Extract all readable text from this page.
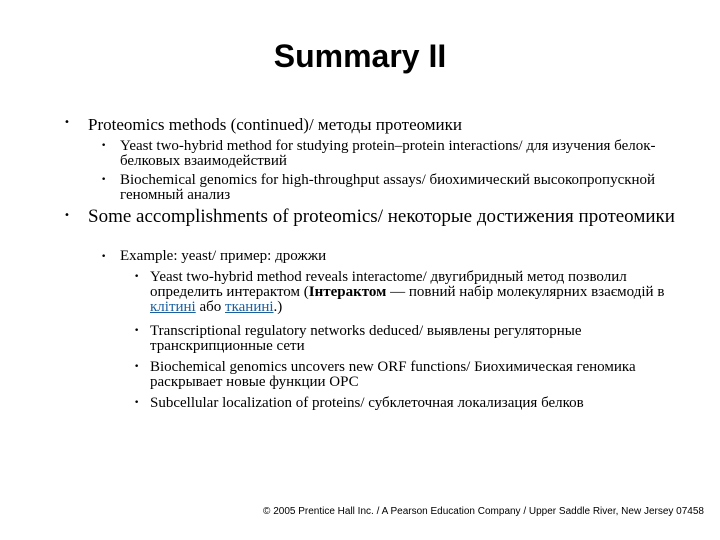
Summary II
• Proteomics methods (continued)/ методы протеомики
• Yeast two-hybrid method for studying protein–protein interactions/ для изучения белок-белковых взаимодействий
• Biochemical genomics for high-throughput assays/ биохимический высокопропускной геномный анализ
• Some accomplishments of proteomics/ некоторые достижения протеомики
• Example: yeast/ пример: дрожжи
• Yeast two-hybrid method reveals interactome/ двугибридный метод позволил определить интерактом (Інтерактом — повний набір молекулярних взаємодій в клітині або тканині.)
• Transcriptional regulatory networks deduced/ выявлены регуляторные транскрипционные сети
• Biochemical genomics uncovers new ORF functions/ Биохимическая геномика раскрывает новые функции ОРС
• Subcellular localization of proteins/ субклеточная локализация белков
© 2005 Prentice Hall Inc. / A Pearson Education Company / Upper Saddle River, New Jersey 07458
